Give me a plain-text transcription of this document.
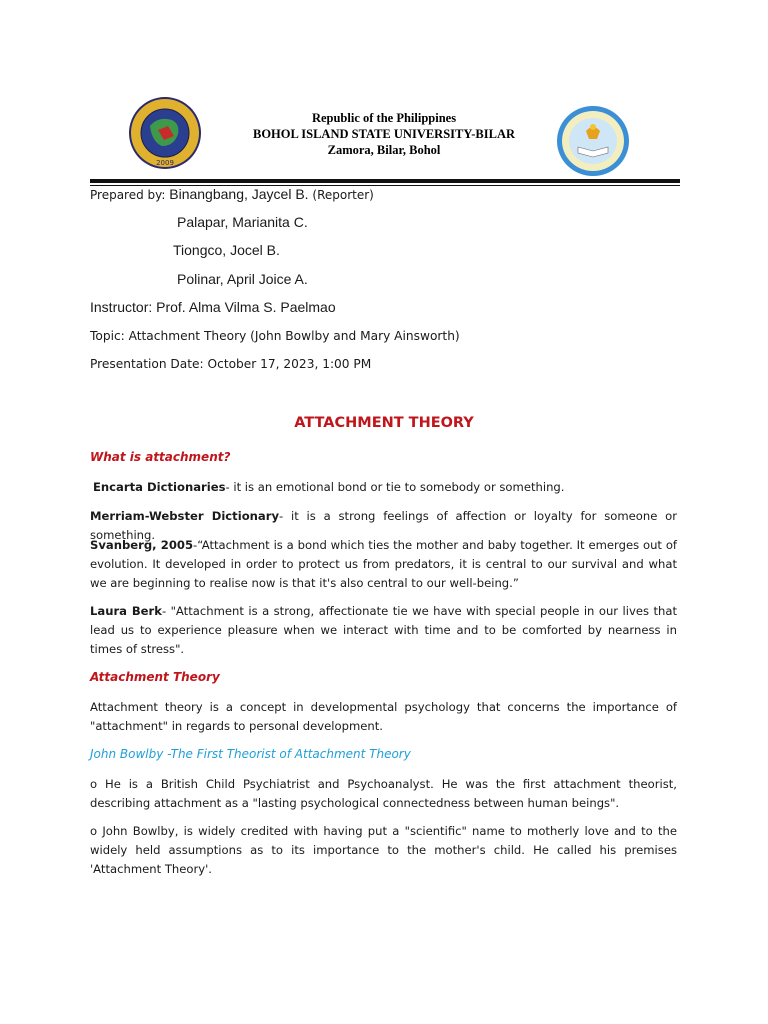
2009
Republic of the Philippines
BOHOL ISLAND STATE UNIVERSITY-BILAR
Zamora, Bilar, Bohol
Prepared by: Binangbang, Jaycel B. (Reporter)
Palapar, Marianita C.
Tiongco, Jocel B.
Polinar, April Joice A.
Instructor: Prof. Alma Vilma S. Paelmao
Topic: Attachment Theory (John Bowlby and Mary Ainsworth)
Presentation Date: October 17, 2023, 1:00 PM
ATTACHMENT THEORY
What is attachment?
Encarta Dictionaries- it is an emotional bond or tie to somebody or something.
Merriam-Webster Dictionary- it is a strong feelings of affection or loyalty for someone or something.
Svanberg, 2005-“Attachment is a bond which ties the mother and baby together. It emerges out of evolution. It developed in order to protect us from predators, it is central to our survival and what we are beginning to realise now is that it's also central to our well-being.”
Laura Berk- "Attachment is a strong, affectionate tie we have with special people in our lives that lead us to experience pleasure when we interact with time and to be comforted by nearness in times of stress".
Attachment Theory
Attachment theory is a concept in developmental psychology that concerns the importance of "attachment" in regards to personal development.
John Bowlby -The First Theorist of Attachment Theory
o He is a British Child Psychiatrist and Psychoanalyst. He was the first attachment theorist, describing attachment as a "lasting psychological connectedness between human beings".
o John Bowlby, is widely credited with having put a "scientific" name to motherly love and to the widely held assumptions as to its importance to the mother's child. He called his premises 'Attachment Theory'.
